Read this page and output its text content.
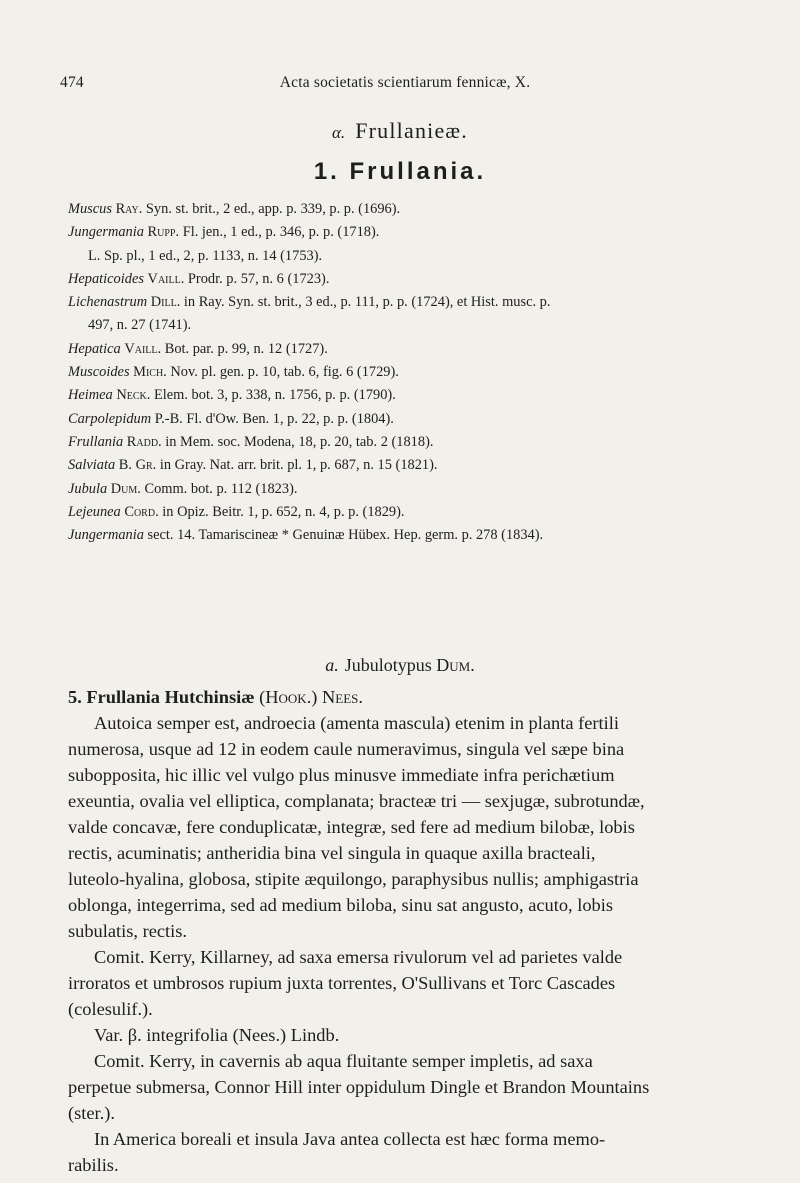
474	Acta societatis scientiarum fennicæ, X.
α. Frullanieæ.
1. Frullania.
Muscus Ray. Syn. st. brit., 2 ed., app. p. 339, p. p. (1696).
Jungermania Rupp. Fl. jen., 1 ed., p. 346, p. p. (1718).
L. Sp. pl., 1 ed., 2, p. 1133, n. 14 (1753).
Hepaticoides Vaill. Prodr. p. 57, n. 6 (1723).
Lichenastrum Dill. in Ray. Syn. st. brit., 3 ed., p. 111, p. p. (1724), et Hist. musc. p.
497, n. 27 (1741).
Hepatica Vaill. Bot. par. p. 99, n. 12 (1727).
Muscoides Mich. Nov. pl. gen. p. 10, tab. 6, fig. 6 (1729).
Heimea Neck. Elem. bot. 3, p. 338, n. 1756, p. p. (1790).
Carpolepidum P.-B. Fl. d'Ow. Ben. 1, p. 22, p. p. (1804).
Frullania Radd. in Mem. soc. Modena, 18, p. 20, tab. 2 (1818).
Salviata B. Gr. in Gray. Nat. arr. brit. pl. 1, p. 687, n. 15 (1821).
Jubula Dum. Comm. bot. p. 112 (1823).
Lejeunea Cord. in Opiz. Beitr. 1, p. 652, n. 4, p. p. (1829).
Jungermania sect. 14. Tamariscineæ * Genuinæ Hübex. Hep. germ. p. 278 (1834).
a. Jubulotypus Dum.
5. Frullania Hutchinsiæ (Hook.) Nees.
Autoica semper est, androecia (amenta mascula) etenim in planta fertili
numerosa, usque ad 12 in eodem caule numeravimus, singula vel sæpe bina
subopposita, hic illic vel vulgo plus minusve immediate infra perichætium
exeuntia, ovalia vel elliptica, complanata; bracteæ tri — sexjugæ, subrotundæ,
valde concavæ, fere conduplicatæ, integræ, sed fere ad medium bilobæ, lobis
rectis, acuminatis; antheridia bina vel singula in quaque axilla bracteali,
luteolo-hyalina, globosa, stipite æquilongo, paraphysibus nullis; amphigastria
oblonga, integerrima, sed ad medium biloba, sinu sat angusto, acuto, lobis
subulatis, rectis.
Comit. Kerry, Killarney, ad saxa emersa rivulorum vel ad parietes valde
irroratos et umbrosos rupium juxta torrentes, O'Sullivans et Torc Cascades
(colesulif.).
Var. β. integrifolia (Nees.) Lindb.
Comit. Kerry, in cavernis ab aqua fluitante semper impletis, ad saxa
perpetue submersa, Connor Hill inter oppidulum Dingle et Brandon Mountains
(ster.).
In America boreali et insula Java antea collecta est hæc forma memo-
rabilis.
